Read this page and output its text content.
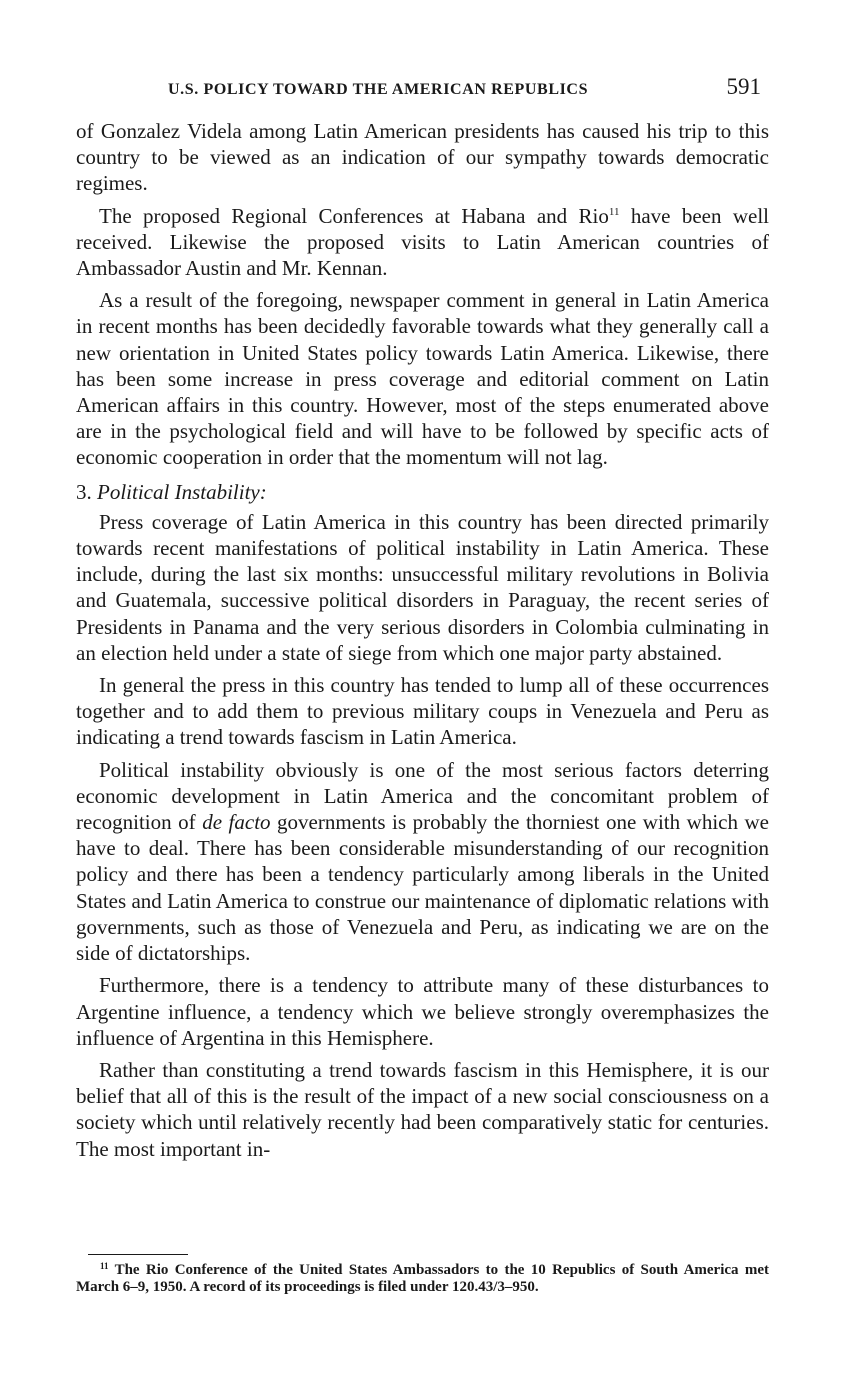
U.S. POLICY TOWARD THE AMERICAN REPUBLICS	591

of Gonzalez Videla among Latin American presidents has caused his trip to this country to be viewed as an indication of our sympathy towards democratic regimes.

The proposed Regional Conferences at Habana and Rio$^{11}$ have been well received. Likewise the proposed visits to Latin American countries of Ambassador Austin and Mr. Kennan.

As a result of the foregoing, newspaper comment in general in Latin America in recent months has been decidedly favorable towards what they generally call a new orientation in United States policy towards Latin America. Likewise, there has been some increase in press coverage and editorial comment on Latin American affairs in this country. However, most of the steps enumerated above are in the psychological field and will have to be followed by specific acts of economic cooperation in order that the momentum will not lag.

3. Political Instability:

Press coverage of Latin America in this country has been directed primarily towards recent manifestations of political instability in Latin America. These include, during the last six months: unsuccessful military revolutions in Bolivia and Guatemala, successive political disorders in Paraguay, the recent series of Presidents in Panama and the very serious disorders in Colombia culminating in an election held under a state of siege from which one major party abstained.

In general the press in this country has tended to lump all of these occurrences together and to add them to previous military coups in Venezuela and Peru as indicating a trend towards fascism in Latin America.

Political instability obviously is one of the most serious factors deterring economic development in Latin America and the concomitant problem of recognition of de facto governments is probably the thorniest one with which we have to deal. There has been considerable misunderstanding of our recognition policy and there has been a tendency particularly among liberals in the United States and Latin America to construe our maintenance of diplomatic relations with governments, such as those of Venezuela and Peru, as indicating we are on the side of dictatorships.

Furthermore, there is a tendency to attribute many of these disturbances to Argentine influence, a tendency which we believe strongly overemphasizes the influence of Argentina in this Hemisphere.

Rather than constituting a trend towards fascism in this Hemisphere, it is our belief that all of this is the result of the impact of a new social consciousness on a society which until relatively recently had been comparatively static for centuries. The most important in-

$^{11}$ The Rio Conference of the United States Ambassadors to the 10 Republics of South America met March 6–9, 1950. A record of its proceedings is filed under 120.43/3–950.
